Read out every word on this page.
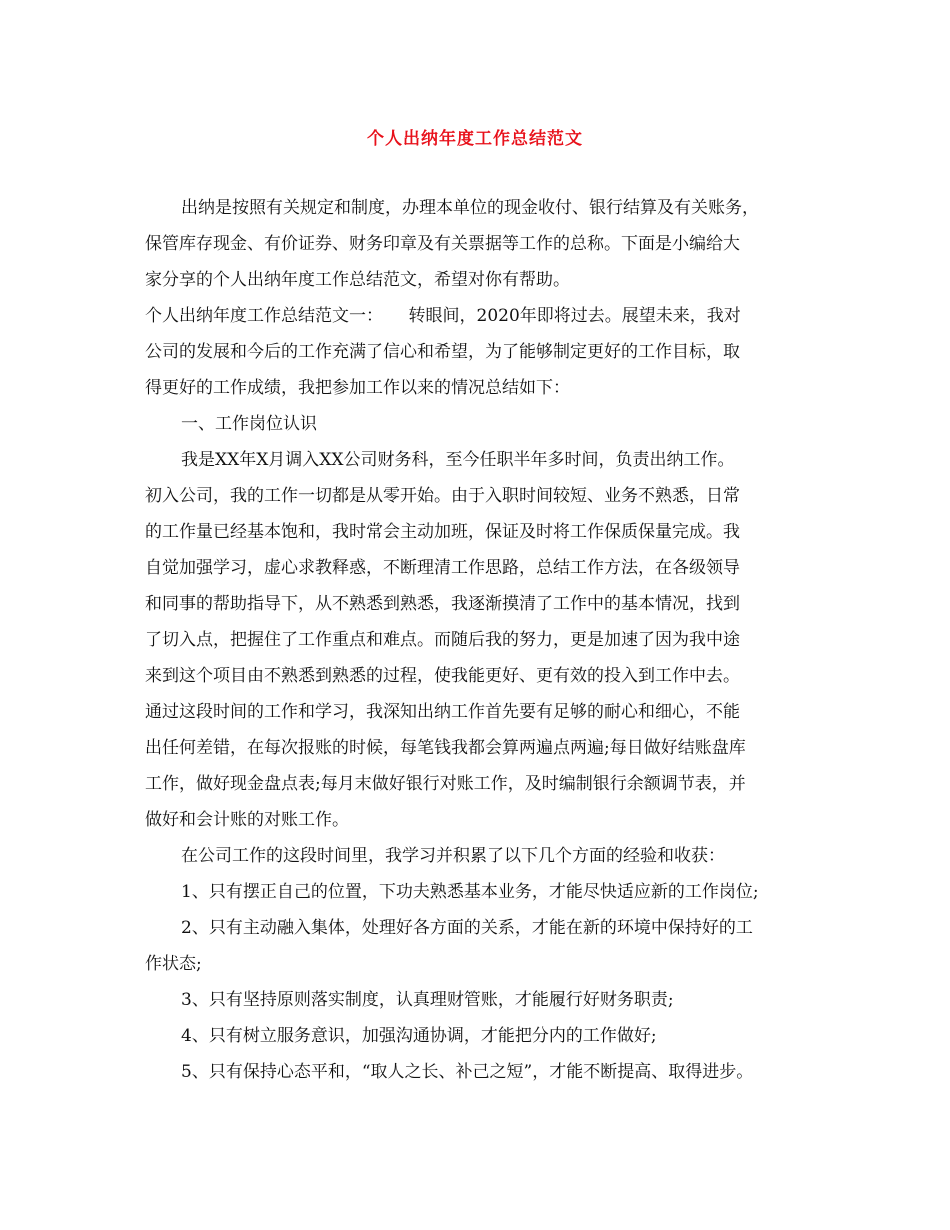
个人出纳年度工作总结范文
出纳是按照有关规定和制度，办理本单位的现金收付、银行结算及有关账务，
保管库存现金、有价证券、财务印章及有关票据等工作的总称。下面是小编给大
家分享的个人出纳年度工作总结范文，希望对你有帮助。
个人出纳年度工作总结范文一：　　转眼间，2020年即将过去。展望未来，我对
公司的发展和今后的工作充满了信心和希望，为了能够制定更好的工作目标，取
得更好的工作成绩，我把参加工作以来的情况总结如下：
一、工作岗位认识
我是XX年X月调入XX公司财务科，至今任职半年多时间，负责出纳工作。
初入公司，我的工作一切都是从零开始。由于入职时间较短、业务不熟悉，日常
的工作量已经基本饱和，我时常会主动加班，保证及时将工作保质保量完成。我
自觉加强学习，虚心求教释惑，不断理清工作思路，总结工作方法，在各级领导
和同事的帮助指导下，从不熟悉到熟悉，我逐渐摸清了工作中的基本情况，找到
了切入点，把握住了工作重点和难点。而随后我的努力，更是加速了因为我中途
来到这个项目由不熟悉到熟悉的过程，使我能更好、更有效的投入到工作中去。
通过这段时间的工作和学习，我深知出纳工作首先要有足够的耐心和细心，不能
出任何差错，在每次报账的时候，每笔钱我都会算两遍点两遍;每日做好结账盘库
工作，做好现金盘点表;每月末做好银行对账工作，及时编制银行余额调节表，并
做好和会计账的对账工作。
在公司工作的这段时间里，我学习并积累了以下几个方面的经验和收获：
1、只有摆正自己的位置，下功夫熟悉基本业务，才能尽快适应新的工作岗位;
2、只有主动融入集体，处理好各方面的关系，才能在新的环境中保持好的工
作状态;
3、只有坚持原则落实制度，认真理财管账，才能履行好财务职责;
4、只有树立服务意识，加强沟通协调，才能把分内的工作做好;
5、只有保持心态平和，“取人之长、补己之短”，才能不断提高、取得进步。
